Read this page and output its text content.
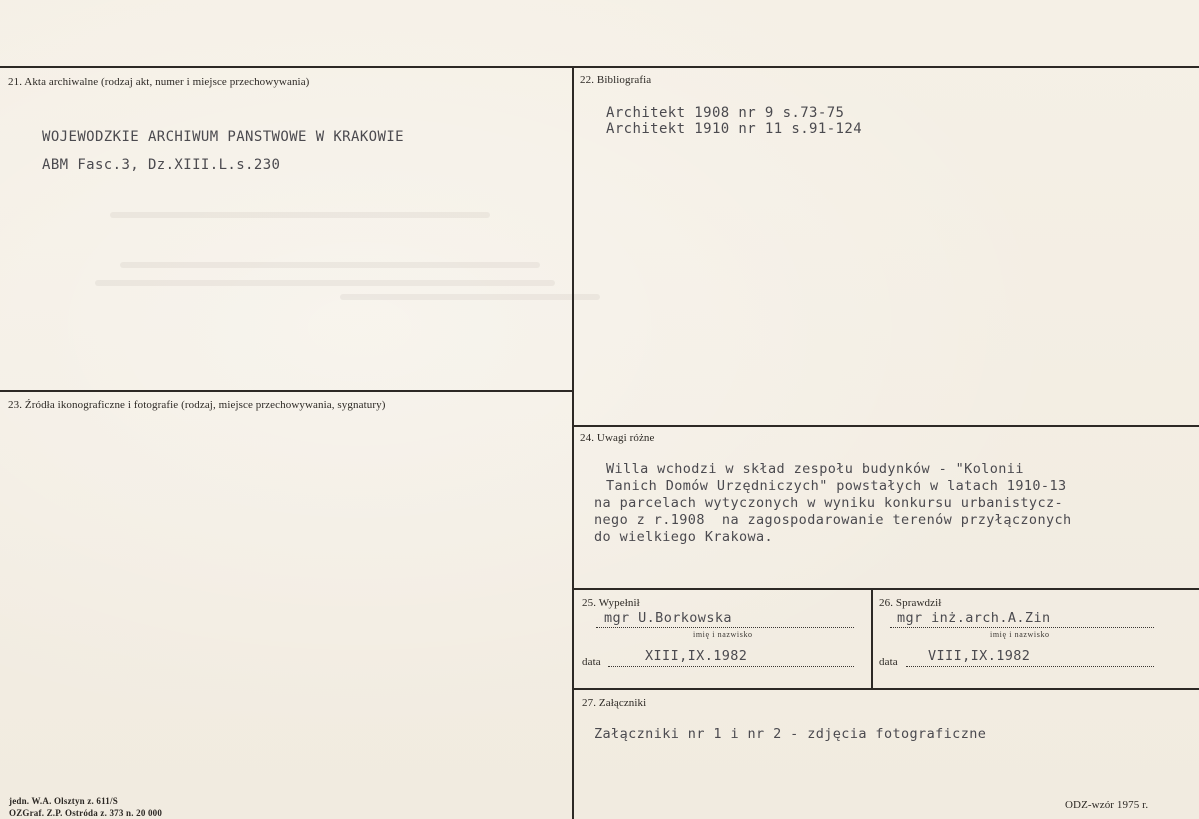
21. Akta archiwalne (rodzaj akt, numer i miejsce przechowywania)
WOJEWODZKIE ARCHIWUM PANSTWOWE W KRAKOWIE
ABM Fasc.3, Dz.XIII.L.s.230
22. Bibliografia
Architekt 1908 nr 9 s.73-75
Architekt 1910 nr 11 s.91-124
23. Źródła ikonograficzne i fotografie (rodzaj, miejsce przechowywania, sygnatury)
24. Uwagi różne
Willa wchodzi w skład zespołu budynków - "Kolonii
Tanich Domów Urzędniczych" powstałych w latach 1910-13
na parcelach wytyczonych w wyniku konkursu urbanistycz-
nego z r.1908  na zagospodarowanie terenów przyłączonych
do wielkiego Krakowa.
25. Wypełnił
mgr U.Borkowska
imię i nazwisko
data	XIII,IX.1982
26. Sprawdził
mgr inż.arch.A.Zin
imię i nazwisko
data VIII,IX.1982
27. Załączniki
Załączniki nr 1 i nr 2 - zdjęcia fotograficzne
jedn. W.A. Olsztyn z. 611/S
OZGraf. Z.P. Ostróda z. 373 n. 20 000
ODZ-wzór 1975 r.
